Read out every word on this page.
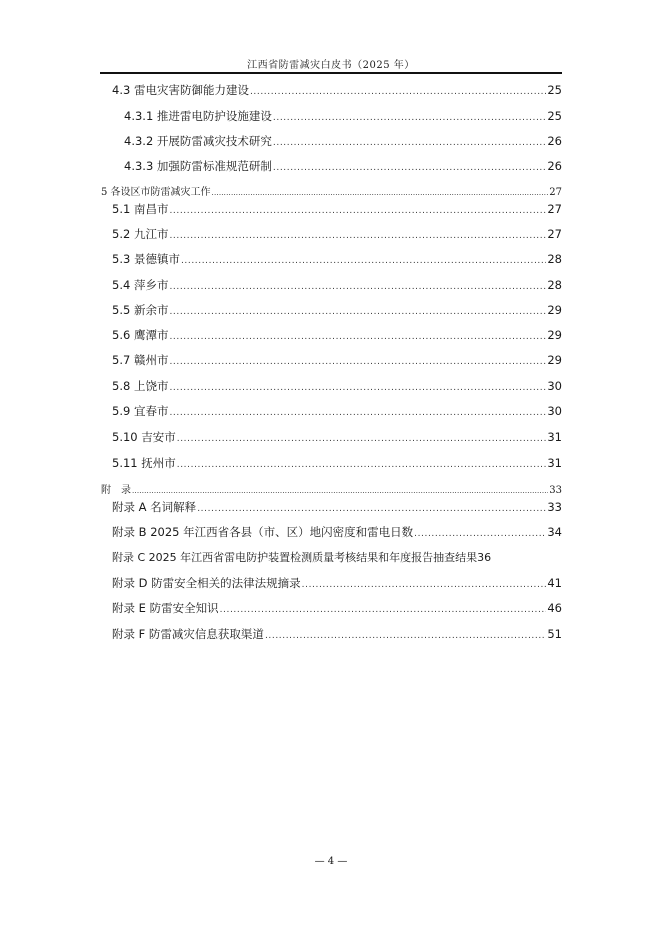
江西省防雷减灾白皮书（2025 年）
4.3 雷电灾害防御能力建设 .....	25
4.3.1 推进雷电防护设施建设 .....	25
4.3.2 开展防雷减灾技术研究 .....	26
4.3.3 加强防雷标准规范研制 .....	26
5 各设区市防雷减灾工作 .....	27
5.1 南昌市 .....	27
5.2 九江市 .....	27
5.3 景德镇市 .....	28
5.4 萍乡市 .....	28
5.5 新余市 .....	29
5.6 鹰潭市 .....	29
5.7 赣州市 .....	29
5.8 上饶市 .....	30
5.9 宜春市 .....	30
5.10 吉安市 .....	31
5.11 抚州市 .....	31
附　录 .....	33
附录 A 名词解释 .....	33
附录 B 2025 年江西省各县（市、区）地闪密度和雷电日数 .....	34
附录 C 2025 年江西省雷电防护装置检测质量考核结果和年度报告抽查结果 36
附录 D 防雷安全相关的法律法规摘录 .....	41
附录 E 防雷安全知识 .....	46
附录 F 防雷减灾信息获取渠道 .....	51
— 4 —
